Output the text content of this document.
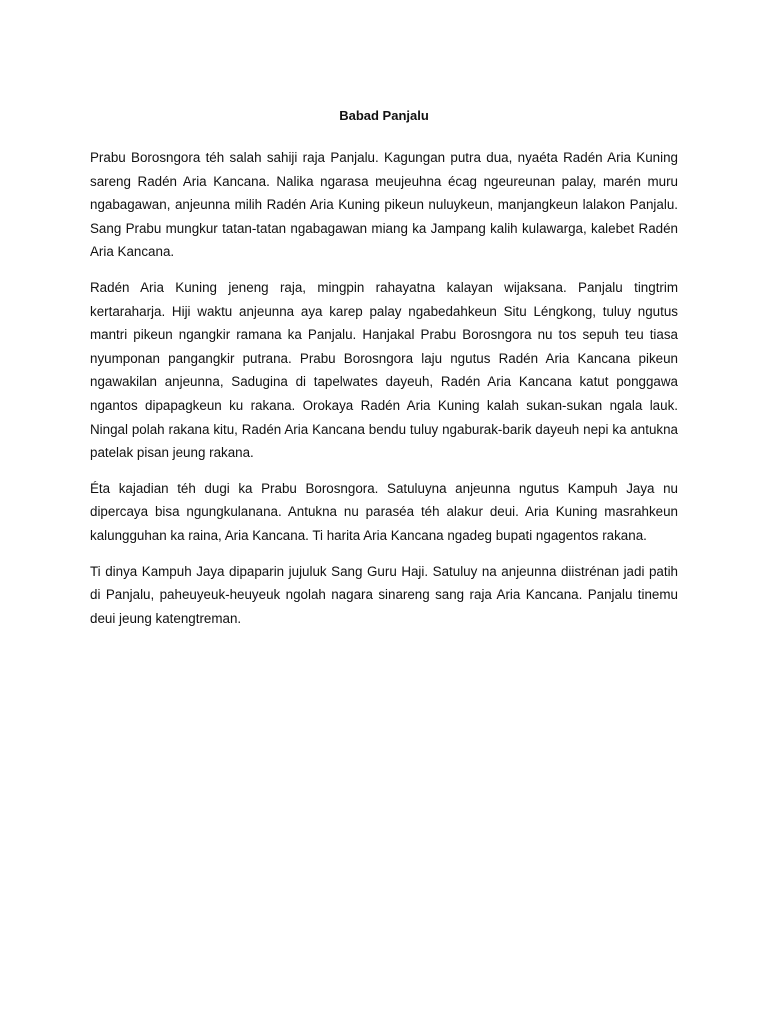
Babad Panjalu

Prabu Borosngora téh salah sahiji raja Panjalu. Kagungan putra dua, nyaéta Radén Aria Kuning sareng Radén Aria Kancana. Nalika ngarasa meujeuhna écag ngeureunan palay, marén muru ngabagawan, anjeunna milih Radén Aria Kuning pikeun nuluykeun, manjangkeun lalakon Panjalu. Sang Prabu mungkur tatan-tatan ngabagawan miang ka Jampang kalih kulawarga, kalebet Radén Aria Kancana.

Radén Aria Kuning jeneng raja, mingpin rahayatna kalayan wijaksana. Panjalu tingtrim kertaraharja. Hiji waktu anjeunna aya karep palay ngabedahkeun Situ Léngkong, tuluy ngutus mantri pikeun ngangkir ramana ka Panjalu. Hanjakal Prabu Borosngora nu tos sepuh teu tiasa nyumponan pangangkir putrana. Prabu Borosngora laju ngutus Radén Aria Kancana pikeun ngawakilan anjeunna, Sadugina di tapelwates dayeuh, Radén Aria Kancana katut ponggawa ngantos dipapagkeun ku rakana. Orokaya Radén Aria Kuning kalah sukan-sukan ngala lauk. Ningal polah rakana kitu, Radén Aria Kancana bendu tuluy ngaburak-barik dayeuh nepi ka antukna patelak pisan jeung rakana.

Éta kajadian téh dugi ka Prabu Borosngora. Satuluyna anjeunna ngutus Kampuh Jaya nu dipercaya bisa ngungkulanana. Antukna nu paraséa téh alakur deui. Aria Kuning masrahkeun kalungguhan ka raina, Aria Kancana. Ti harita Aria Kancana ngadeg bupati ngagentos rakana.

Ti dinya Kampuh Jaya dipaparin jujuluk Sang Guru Haji. Satuluy na anjeunna diistrénan jadi patih di Panjalu, paheuyeuk-heuyeuk ngolah nagara sinareng sang raja Aria Kancana. Panjalu tinemu deui jeung katengtreman.
